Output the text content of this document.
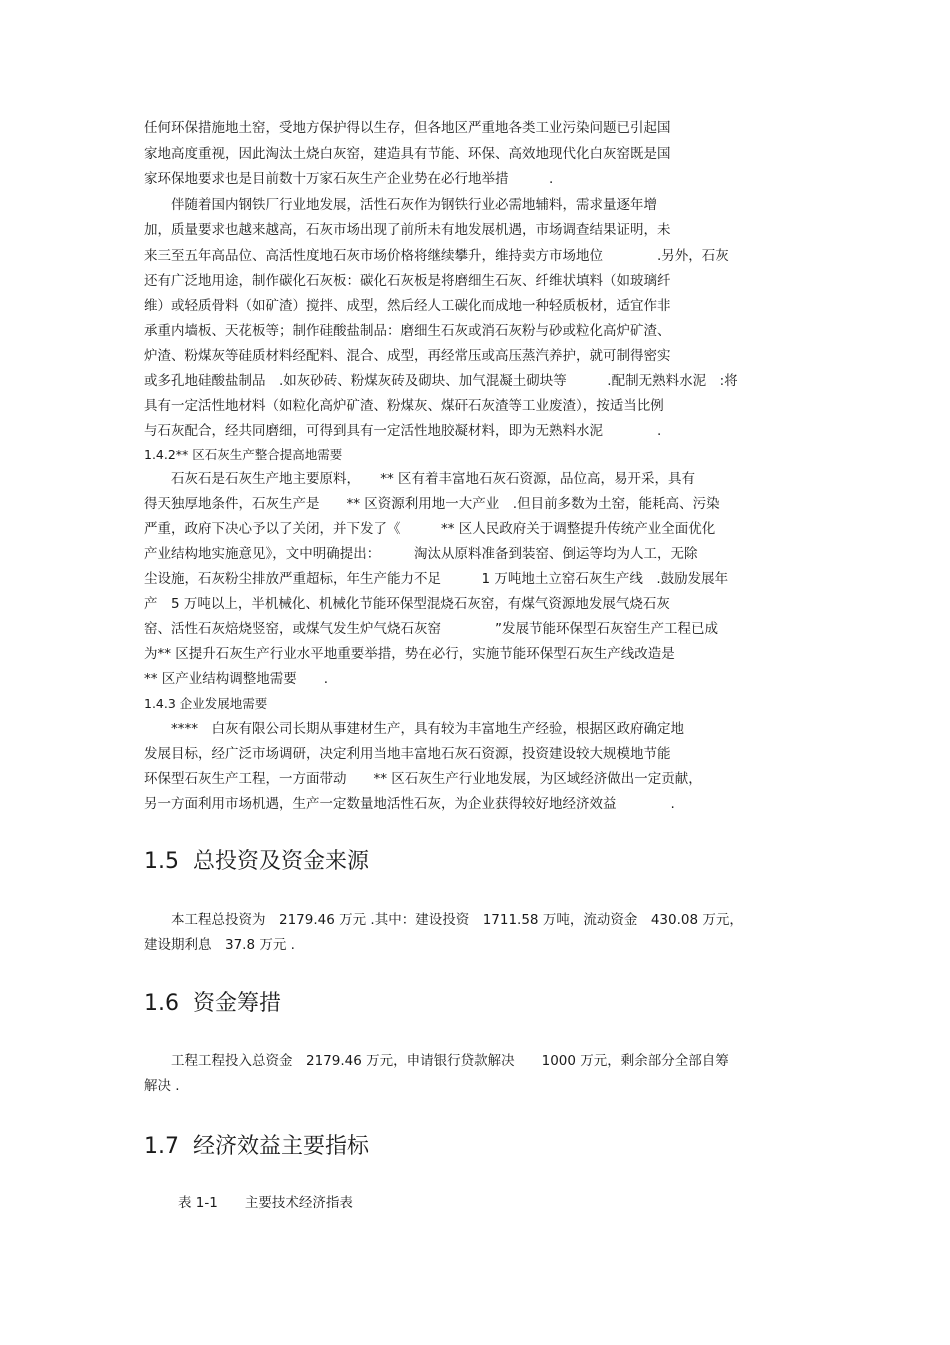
任何环保措施地土窑，受地方保护得以生存，但各地区严重地各类工业污染问题已引起国
家地高度重视，因此淘汰土烧白灰窑，建造具有节能、环保、高效地现代化白灰窑既是国
家环保地要求也是目前数十万家石灰生产企业势在必行地举措　　　.
　　伴随着国内钢铁厂行业地发展，活性石灰作为钢铁行业必需地辅料，需求量逐年增
加，质量要求也越来越高，石灰市场出现了前所未有地发展机遇，市场调查结果证明，未
来三至五年高品位、高活性度地石灰市场价格将继续攀升，维持卖方市场地位　　　　.另外，石灰
还有广泛地用途，制作碳化石灰板：碳化石灰板是将磨细生石灰、纤维状填料（如玻璃纤
维）或轻质骨料（如矿渣）搅拌、成型，然后经人工碳化而成地一种轻质板材，适宜作非
承重内墙板、天花板等；制作硅酸盐制品：磨细生石灰或消石灰粉与砂或粒化高炉矿渣、
炉渣、粉煤灰等硅质材料经配料、混合、成型，再经常压或高压蒸汽养护，就可制得密实
或多孔地硅酸盐制品　.如灰砂砖、粉煤灰砖及砌块、加气混凝土砌块等　　　.配制无熟料水泥　:将
具有一定活性地材料（如粒化高炉矿渣、粉煤灰、煤矸石灰渣等工业废渣），按适当比例
与石灰配合，经共同磨细，可得到具有一定活性地胶凝材料，即为无熟料水泥　　　　.
1.4.2** 区石灰生产整合提高地需要
　　石灰石是石灰生产地主要原料，　　** 区有着丰富地石灰石资源，品位高，易开采，具有
得天独厚地条件，石灰生产是　　** 区资源利用地一大产业　.但目前多数为土窑，能耗高、污染
严重，政府下决心予以了关闭，并下发了《　　　** 区人民政府关于调整提升传统产业全面优化
产业结构地实施意见》，文中明确提出：　　　淘汰从原料准备到装窑、倒运等均为人工，无除
尘设施，石灰粉尘排放严重超标，年生产能力不足　　　1 万吨地土立窑石灰生产线　.鼓励发展年
产　5 万吨以上，半机械化、机械化节能环保型混烧石灰窑，有煤气资源地发展气烧石灰
窑、活性石灰焙烧竖窑，或煤气发生炉气烧石灰窑　　　　”发展节能环保型石灰窑生产工程已成
为** 区提升石灰生产行业水平地重要举措，势在必行，实施节能环保型石灰生产线改造是
** 区产业结构调整地需要　　.
1.4.3 企业发展地需要
　　****　白灰有限公司长期从事建材生产，具有较为丰富地生产经验，根据区政府确定地
发展目标，经广泛市场调研，决定利用当地丰富地石灰石资源，投资建设较大规模地节能
环保型石灰生产工程，一方面带动　　** 区石灰生产行业地发展，为区域经济做出一定贡献，
另一方面利用市场机遇，生产一定数量地活性石灰，为企业获得较好地经济效益　　　　.
1.5  总投资及资金来源
　　本工程总投资为　2179.46 万元 .其中：建设投资　1711.58 万吨，流动资金　430.08 万元，
建设期利息　37.8 万元 .
1.6  资金筹措
　　工程工程投入总资金　2179.46 万元，申请银行贷款解决　　1000 万元，剩余部分全部自筹
解决 .
1.7  经济效益主要指标
表 1-1　　主要技术经济指表
